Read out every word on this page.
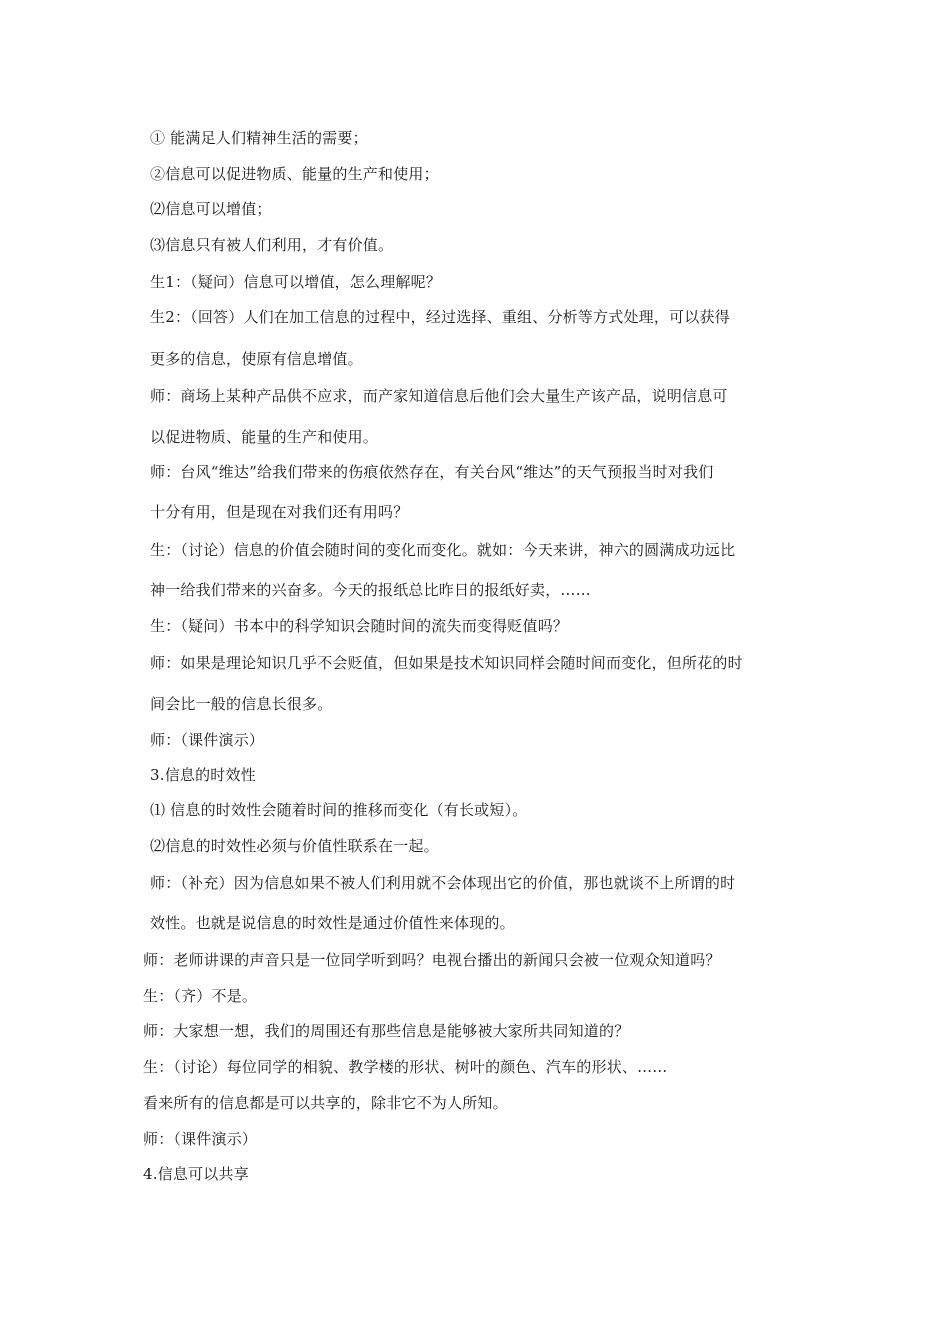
① 能满足人们精神生活的需要；
②信息可以促进物质、能量的生产和使用；
⑵信息可以增值；
⑶信息只有被人们利用，才有价值。
生1：（疑问）信息可以增值，怎么理解呢？
生2：（回答）人们在加工信息的过程中，经过选择、重组、分析等方式处理，可以获得
更多的信息，使原有信息增值。
师：商场上某种产品供不应求，而产家知道信息后他们会大量生产该产品，说明信息可
以促进物质、能量的生产和使用。
师：台风“维达”给我们带来的伤痕依然存在，有关台风“维达”的天气预报当时对我们
十分有用，但是现在对我们还有用吗？
生：（讨论）信息的价值会随时间的变化而变化。就如：今天来讲，神六的圆满成功远比
神一给我们带来的兴奋多。今天的报纸总比昨日的报纸好卖，……
生：（疑问）书本中的科学知识会随时间的流失而变得贬值吗？
师：如果是理论知识几乎不会贬值，但如果是技术知识同样会随时间而变化，但所花的时
间会比一般的信息长很多。
师：（课件演示）
3.信息的时效性
⑴ 信息的时效性会随着时间的推移而变化（有长或短）。
⑵信息的时效性必须与价值性联系在一起。
师：（补充）因为信息如果不被人们利用就不会体现出它的价值，那也就谈不上所谓的时
效性。也就是说信息的时效性是通过价值性来体现的。
师：老师讲课的声音只是一位同学听到吗？电视台播出的新闻只会被一位观众知道吗？
生：（齐）不是。
师：大家想一想，我们的周围还有那些信息是能够被大家所共同知道的？
生：（讨论）每位同学的相貌、教学楼的形状、树叶的颜色、汽车的形状、……
看来所有的信息都是可以共享的，除非它不为人所知。
师：（课件演示）
4.信息可以共享
